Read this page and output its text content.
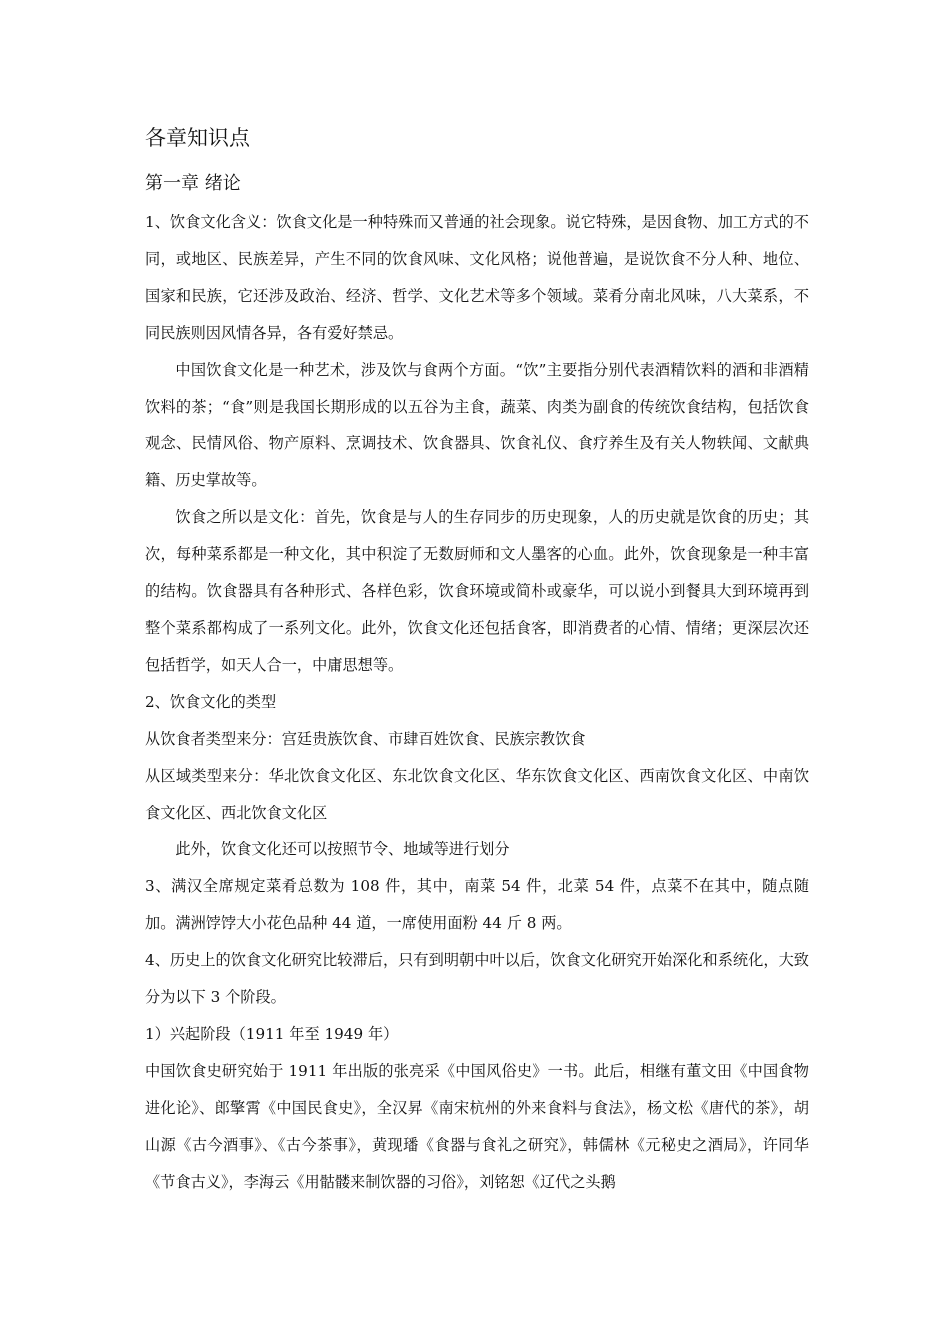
各章知识点
第一章 绪论

1、饮食文化含义：饮食文化是一种特殊而又普通的社会现象。说它特殊，是因食物、加工方式的不同，或地区、民族差异，产生不同的饮食风味、文化风格；说他普遍，是说饮食不分人种、地位、国家和民族，它还涉及政治、经济、哲学、文化艺术等多个领域。菜肴分南北风味，八大菜系，不同民族则因风情各异，各有爱好禁忌。

中国饮食文化是一种艺术，涉及饮与食两个方面。“饮”主要指分别代表酒精饮料的酒和非酒精饮料的茶；“食”则是我国长期形成的以五谷为主食，蔬菜、肉类为副食的传统饮食结构，包括饮食观念、民情风俗、物产原料、烹调技术、饮食器具、饮食礼仪、食疗养生及有关人物轶闻、文献典籍、历史掌故等。

饮食之所以是文化：首先，饮食是与人的生存同步的历史现象，人的历史就是饮食的历史；其次，每种菜系都是一种文化，其中积淀了无数厨师和文人墨客的心血。此外，饮食现象是一种丰富的结构。饮食器具有各种形式、各样色彩，饮食环境或简朴或豪华，可以说小到餐具大到环境再到整个菜系都构成了一系列文化。此外，饮食文化还包括食客，即消费者的心情、情绪；更深层次还包括哲学，如天人合一，中庸思想等。

2、饮食文化的类型

从饮食者类型来分：宫廷贵族饮食、市肆百姓饮食、民族宗教饮食

从区域类型来分：华北饮食文化区、东北饮食文化区、华东饮食文化区、西南饮食文化区、中南饮食文化区、西北饮食文化区

此外，饮食文化还可以按照节令、地域等进行划分

3、满汉全席规定菜肴总数为 108 件，其中，南菜 54 件，北菜 54 件，点菜不在其中，随点随加。满洲饽饽大小花色品种 44 道，一席使用面粉 44 斤 8 两。

4、历史上的饮食文化研究比较滞后，只有到明朝中叶以后，饮食文化研究开始深化和系统化，大致分为以下 3 个阶段。

1）兴起阶段（1911 年至 1949 年）

中国饮食史研究始于 1911 年出版的张亮采《中国风俗史》一书。此后，相继有董文田《中国食物进化论》、郎擎霄《中国民食史》，全汉昇《南宋杭州的外来食料与食法》，杨文松《唐代的茶》，胡山源《古今酒事》、《古今茶事》，黄现璠《食器与食礼之研究》，韩儒林《元秘史之酒局》，许同华《节食古义》，李海云《用骷髅来制饮器的习俗》，刘铭恕《辽代之头鹅
